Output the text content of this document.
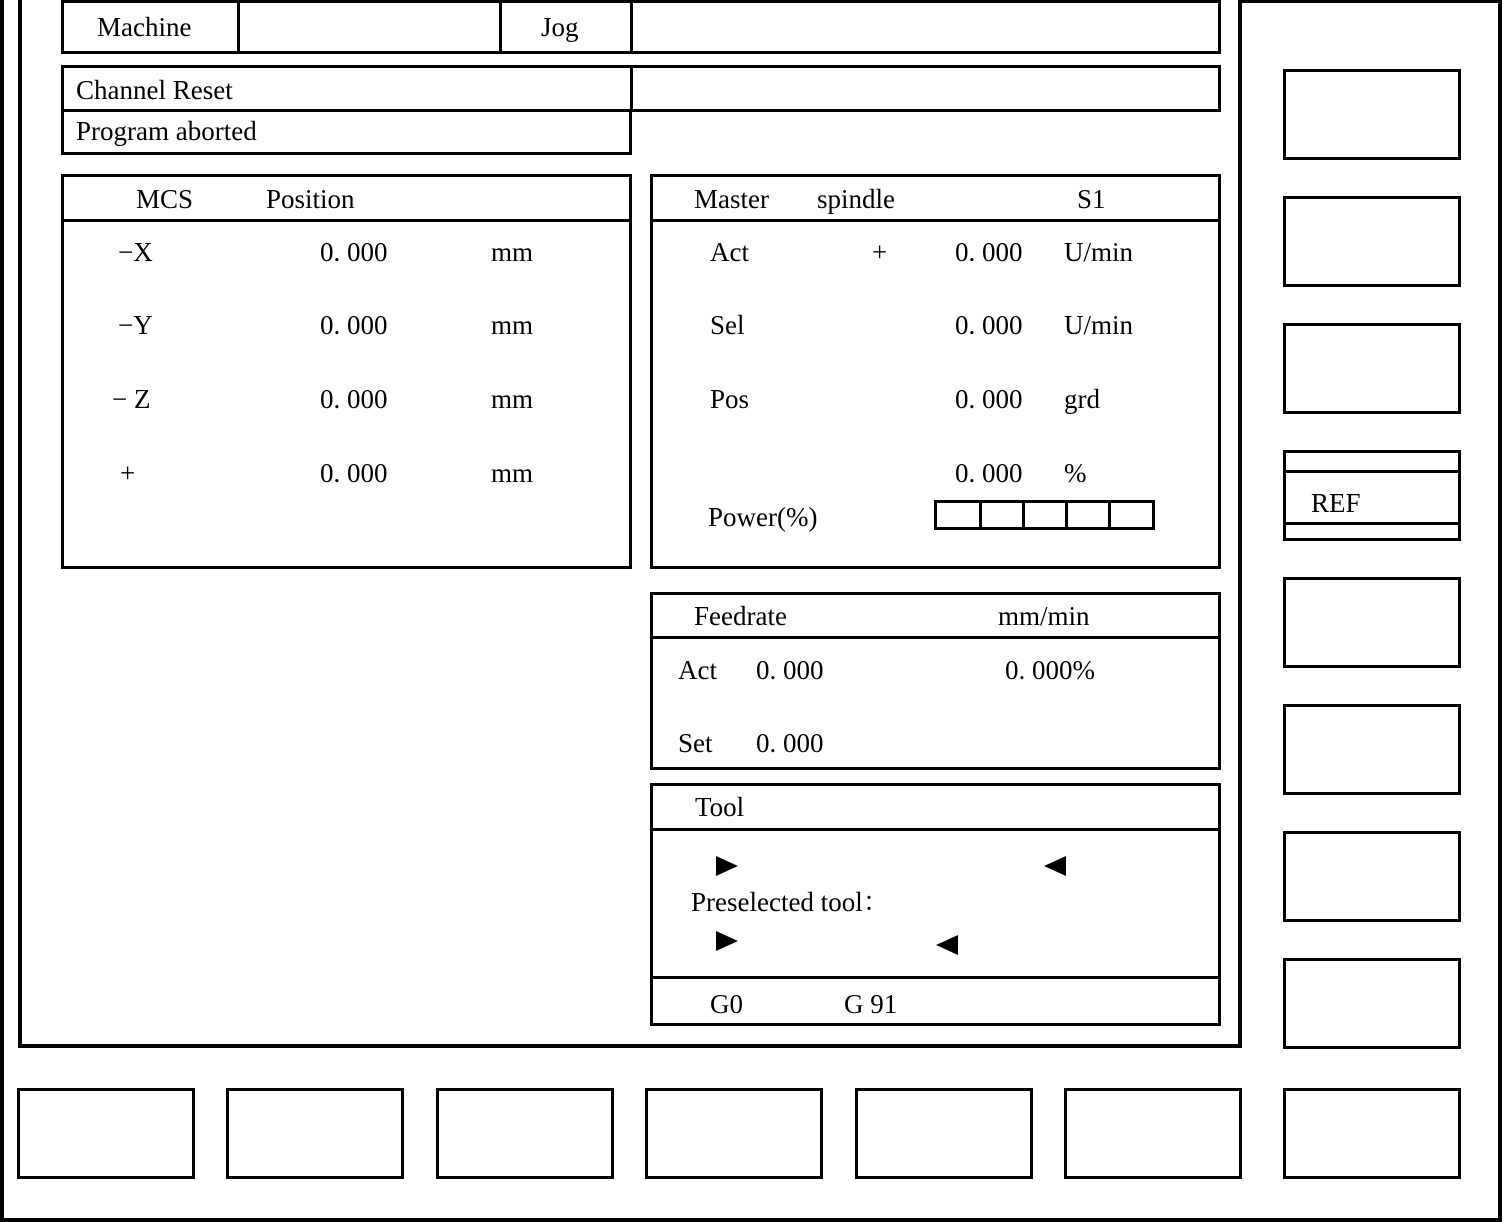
Machine	Jog
Channel Reset
Program aborted
MCS	Position
−X	0. 000	mm
−Y	0. 000	mm
− Z	0. 000	mm
+	0. 000	mm
Master spindle	S1
Act	+	0. 000 U/min
Sel	0. 000 U/min
Pos	0. 000 grd
0. 000 %
Power(%)
Feedrate	mm/min
Act 0. 000	0. 000%
Set 0. 000
Tool
Preselected tool：
G0	G 91
REF
